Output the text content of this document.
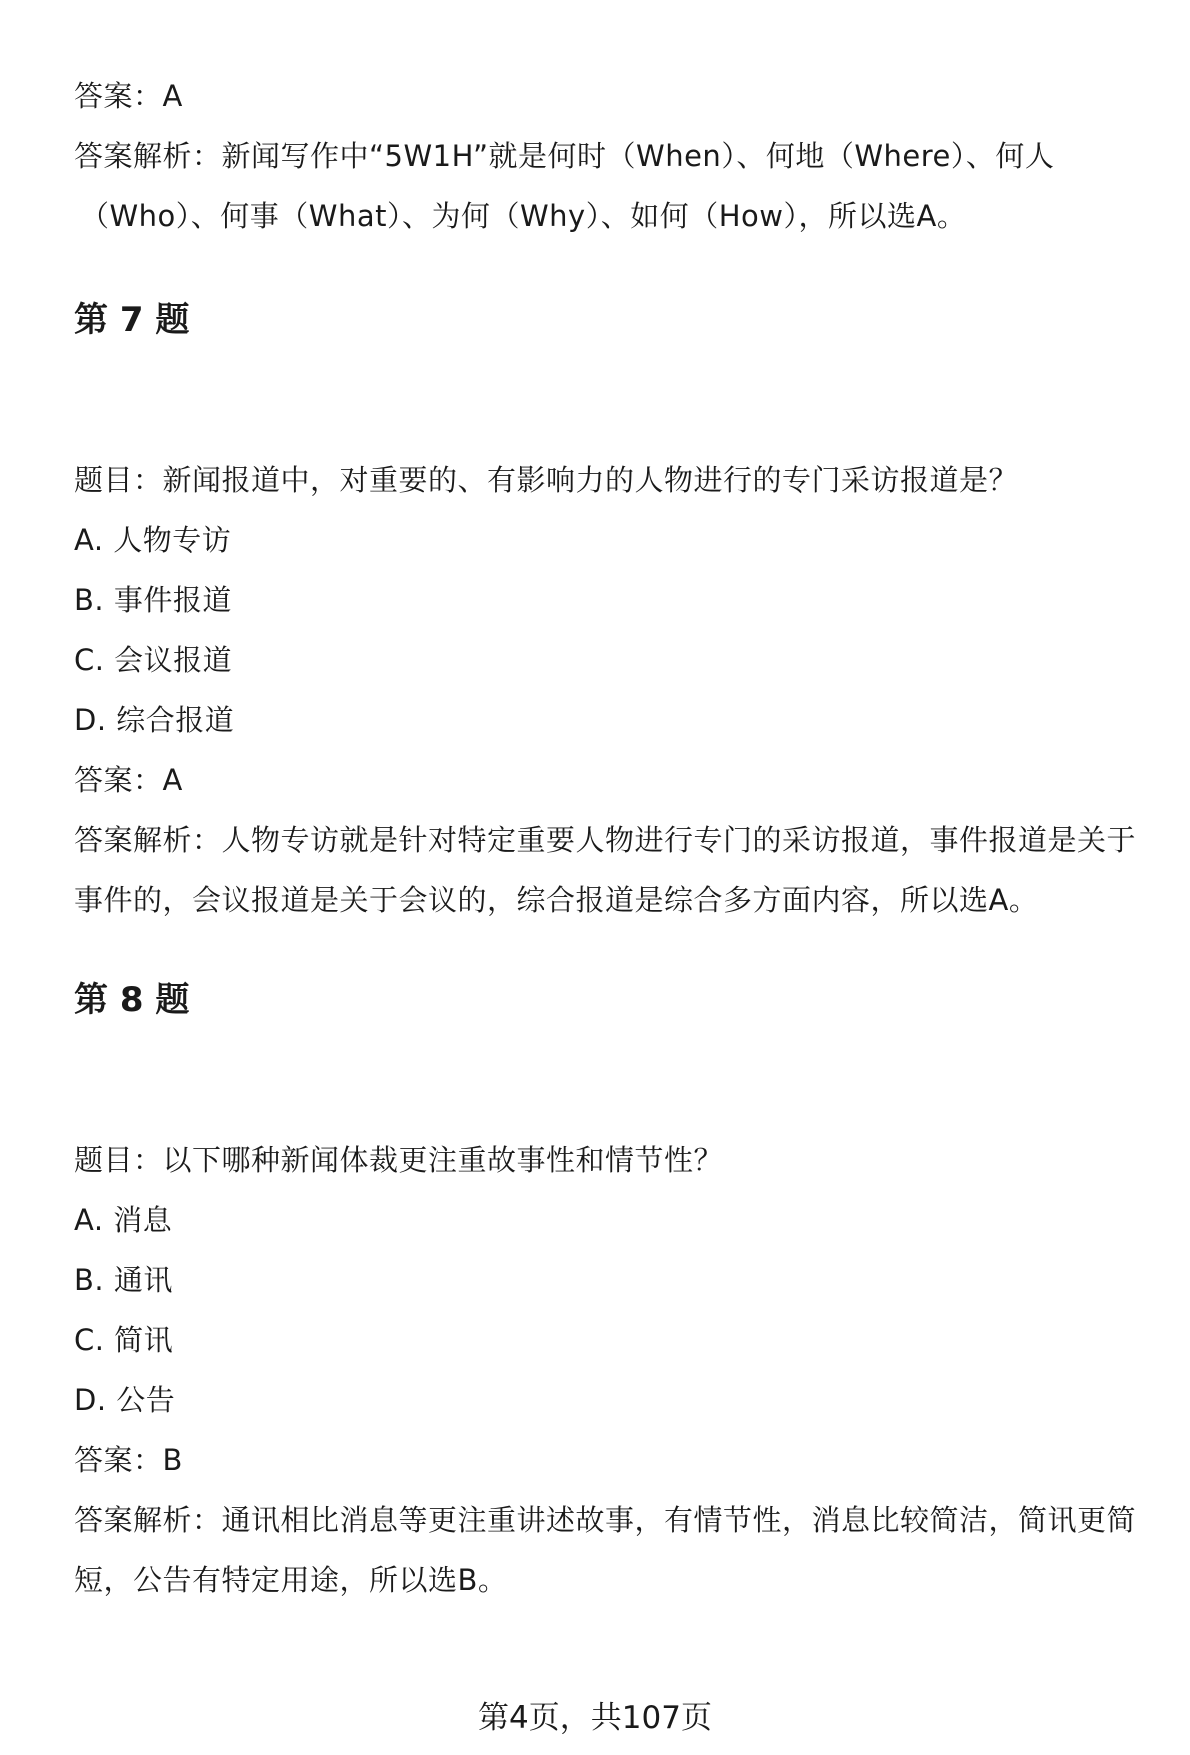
答案：A
答案解析：新闻写作中“5W1H”就是何时（When）、何地（Where）、何人
（Who）、何事（What）、为何（Why）、如何（How），所以选A。
第 7 题
题目：新闻报道中，对重要的、有影响力的人物进行的专门采访报道是？
A. 人物专访
B. 事件报道
C. 会议报道
D. 综合报道
答案：A
答案解析：人物专访就是针对特定重要人物进行专门的采访报道，事件报道是关于
事件的，会议报道是关于会议的，综合报道是综合多方面内容，所以选A。
第 8 题
题目：以下哪种新闻体裁更注重故事性和情节性？
A. 消息
B. 通讯
C. 简讯
D. 公告
答案：B
答案解析：通讯相比消息等更注重讲述故事，有情节性，消息比较简洁，简讯更简
短，公告有特定用途，所以选B。
第4页，共107页
